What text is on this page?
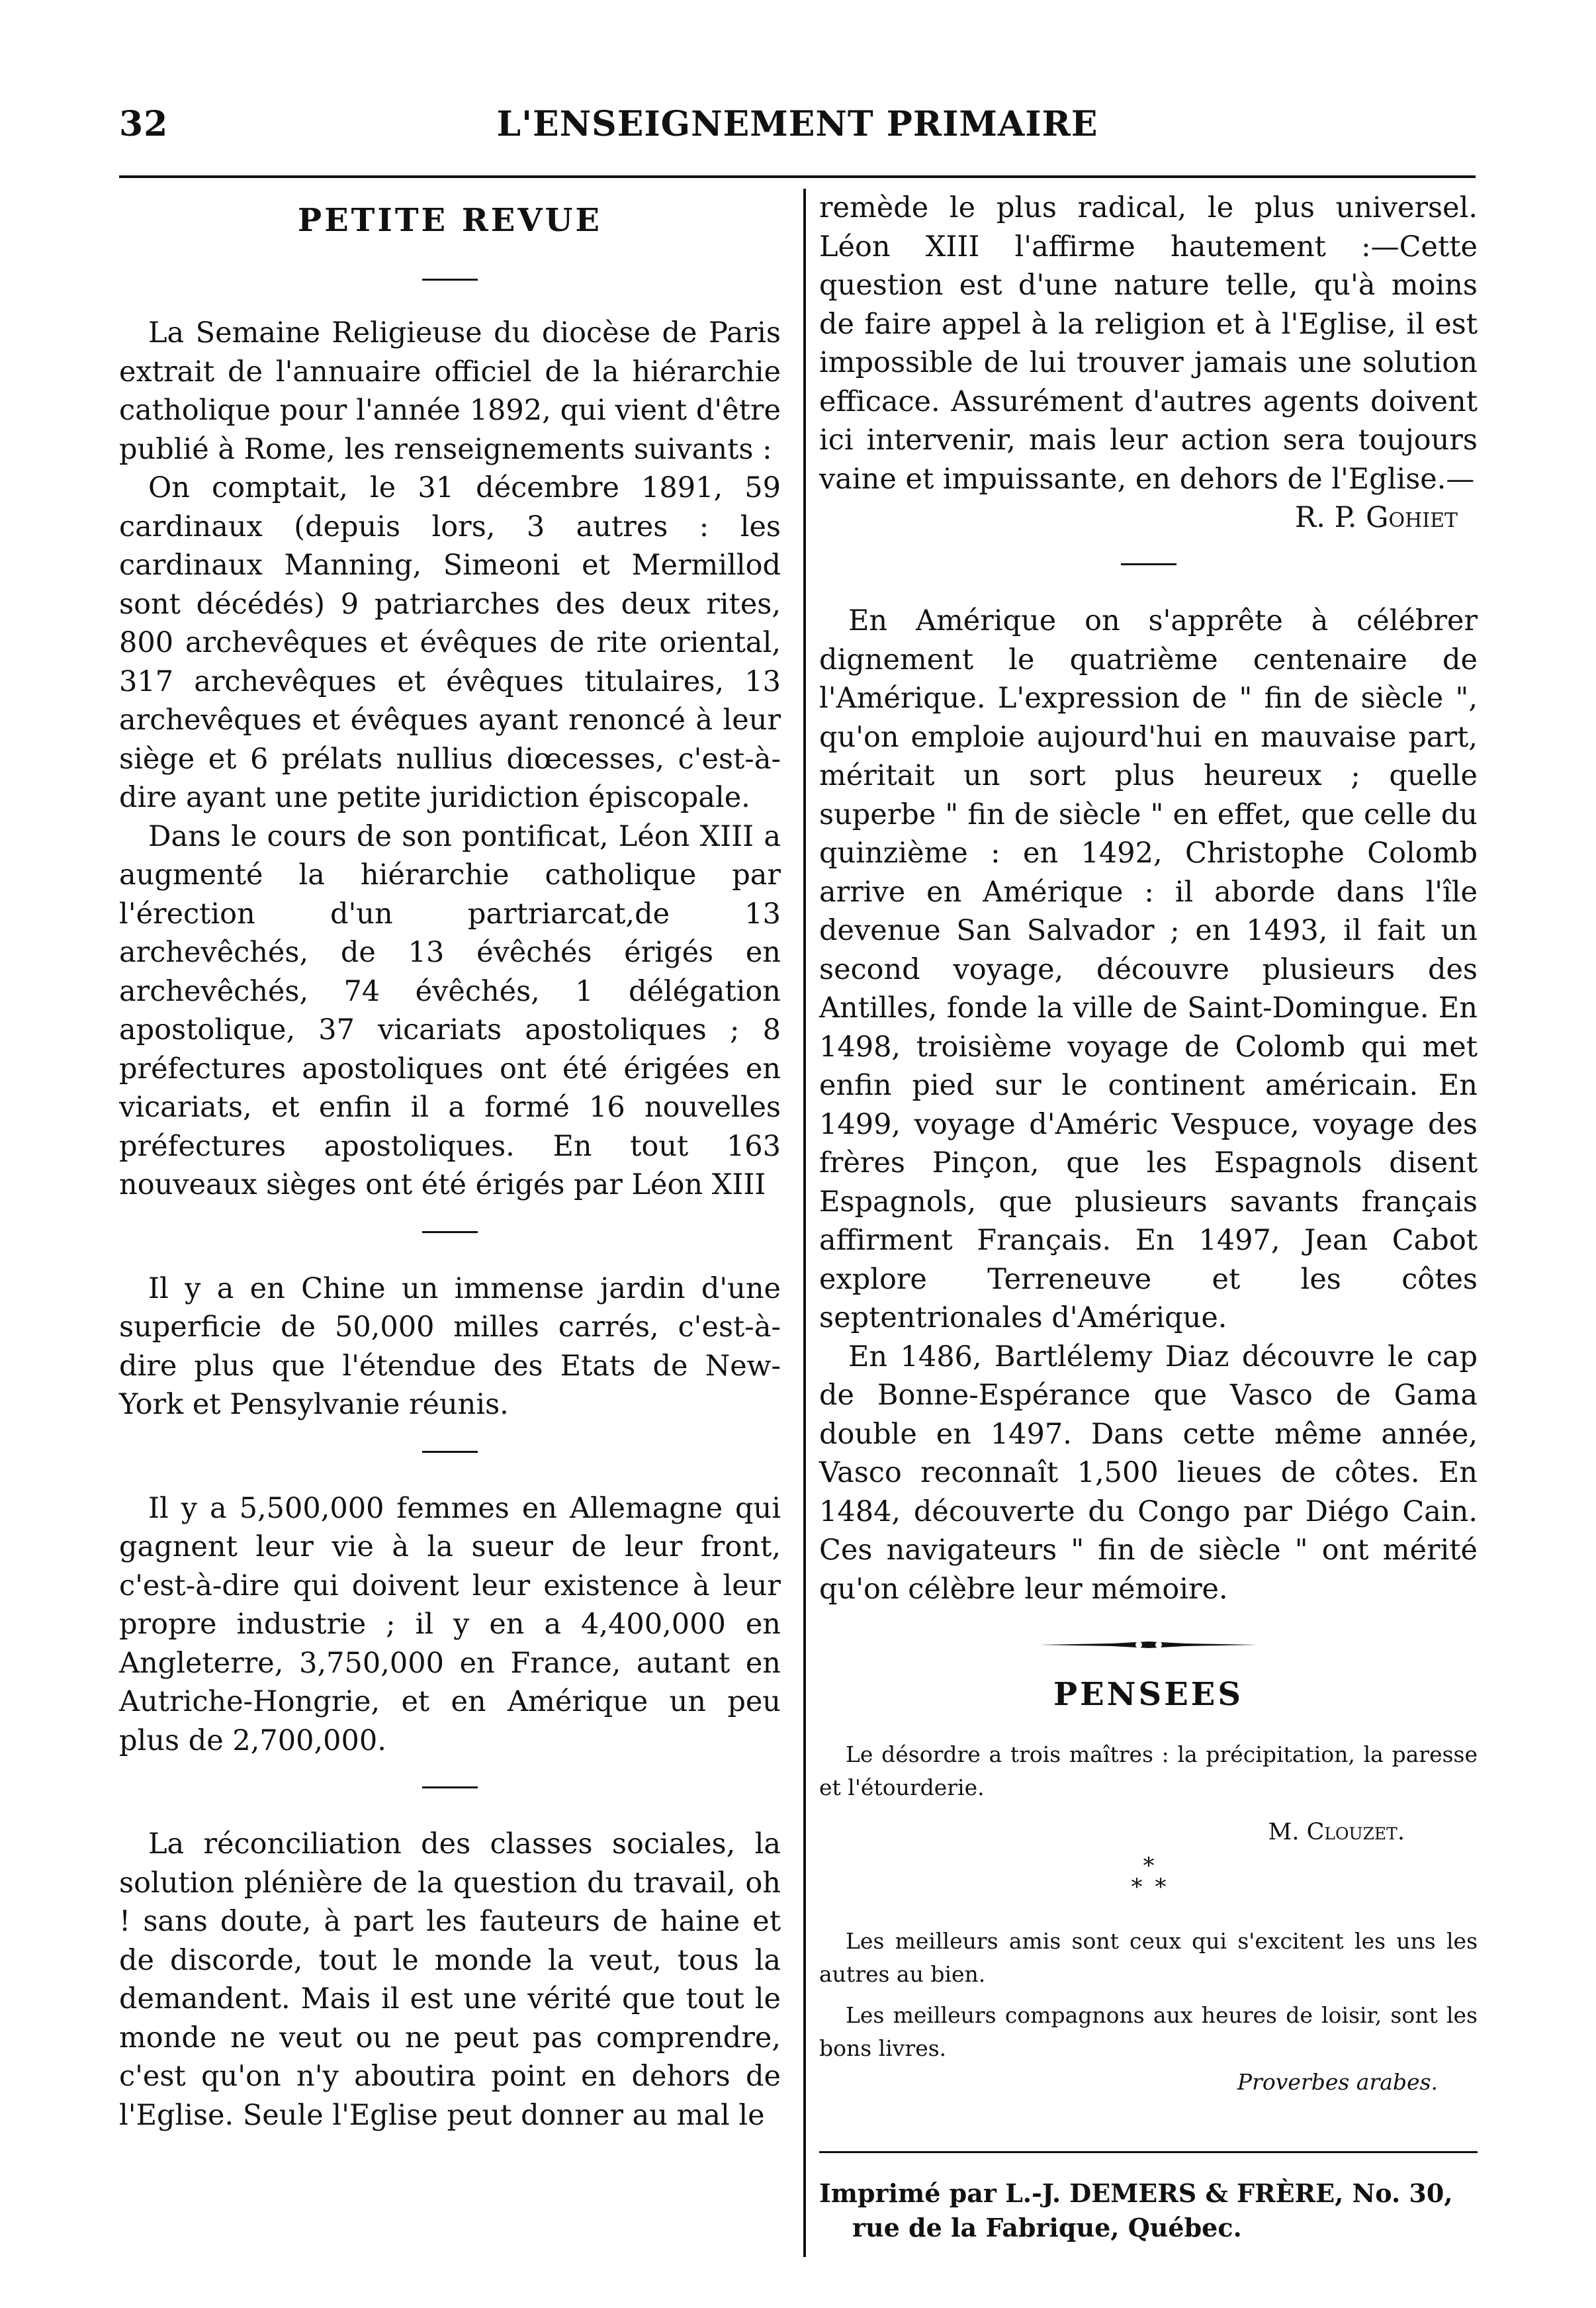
32	L'ENSEIGNEMENT PRIMAIRE
PETITE REVUE

La Semaine Religieuse du diocèse de Paris extrait de l'annuaire officiel de la hiérarchie catholique pour l'année 1892, qui vient d'être publié à Rome, les renseignements suivants :

On comptait, le 31 décembre 1891, 59 cardinaux (depuis lors, 3 autres : les cardinaux Manning, Simeoni et Mermillod sont décédés) 9 patriarches des deux rites, 800 archevêques et évêques de rite oriental, 317 archevêques et évêques titulaires, 13 archevêques et évêques ayant renoncé à leur siège et 6 prélats nullius diœcesses, c'est-à-dire ayant une petite juridiction épiscopale.

Dans le cours de son pontificat, Léon XIII a augmenté la hiérarchie catholique par l'érection d'un partriarcat,de 13 archevêchés, de 13 évêchés érigés en archevêchés, 74 évêchés, 1 délégation apostolique, 37 vicariats apostoliques ; 8 préfectures apostoliques ont été érigées en vicariats, et enfin il a formé 16 nouvelles préfectures apostoliques. En tout 163 nouveaux sièges ont été érigés par Léon XIII

Il y a en Chine un immense jardin d'une superficie de 50,000 milles carrés, c'est-à-dire plus que l'étendue des Etats de New-York et Pensylvanie réunis.

Il y a 5,500,000 femmes en Allemagne qui gagnent leur vie à la sueur de leur front, c'est-à-dire qui doivent leur existence à leur propre industrie ; il y en a 4,400,000 en Angleterre, 3,750,000 en France, autant en Autriche-Hongrie, et en Amérique un peu plus de 2,700,000.

La réconciliation des classes sociales, la solution plénière de la question du travail, oh ! sans doute, à part les fauteurs de haine et de discorde, tout le monde la veut, tous la demandent. Mais il est une vérité que tout le monde ne veut ou ne peut pas comprendre, c'est qu'on n'y aboutira point en dehors de l'Eglise. Seule l'Eglise peut donner au mal le

remède le plus radical, le plus universel. Léon XIII l'affirme hautement :—Cette question est d'une nature telle, qu'à moins de faire appel à la religion et à l'Eglise, il est impossible de lui trouver jamais une solution efficace. Assurément d'autres agents doivent ici intervenir, mais leur action sera toujours vaine et impuissante, en dehors de l'Eglise.—

R. P. Gohiet

En Amérique on s'apprête à célébrer dignement le quatrième centenaire de l'Amérique. L'expression de " fin de siècle ", qu'on emploie aujourd'hui en mauvaise part, méritait un sort plus heureux ; quelle superbe " fin de siècle " en effet, que celle du quinzième : en 1492, Christophe Colomb arrive en Amérique : il aborde dans l'île devenue San Salvador ; en 1493, il fait un second voyage, découvre plusieurs des Antilles, fonde la ville de Saint-Domingue. En 1498, troisième voyage de Colomb qui met enfin pied sur le continent américain. En 1499, voyage d'Améric Vespuce, voyage des frères Pinçon, que les Espagnols disent Espagnols, que plusieurs savants français affirment Français. En 1497, Jean Cabot explore Terreneuve et les côtes septentrionales d'Amérique.

En 1486, Bartlélemy Diaz découvre le cap de Bonne-Espérance que Vasco de Gama double en 1497. Dans cette même année, Vasco reconnaît 1,500 lieues de côtes. En 1484, découverte du Congo par Diégo Cain. Ces navigateurs " fin de siècle " ont mérité qu'on célèbre leur mémoire.

PENSEES
Le désordre a trois maîtres : la précipitation, la paresse et l'étourderie.
M. Clouzet.
*
* *
Les meilleurs amis sont ceux qui s'excitent les uns les autres au bien.
Les meilleurs compagnons aux heures de loisir, sont les bons livres.
Proverbes arabes.
Imprimé par L.-J. DEMERS & FRÈRE, No. 30,
rue de la Fabrique, Québec.
